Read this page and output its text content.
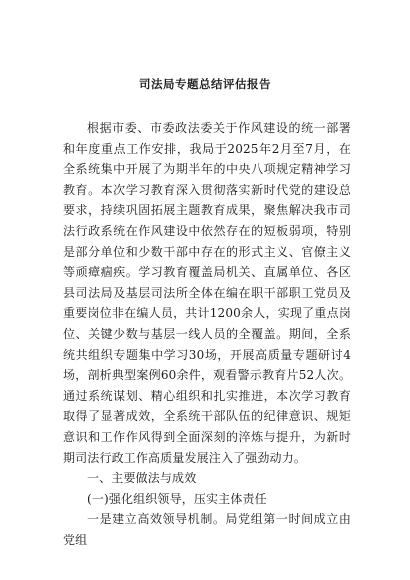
司法局专题总结评估报告

根据市委、市委政法委关于作风建设的统一部署和年度重点工作安排，我局于2025年2月至7月，在全系统集中开展了为期半年的中央八项规定精神学习教育。本次学习教育深入贯彻落实新时代党的建设总要求，持续巩固拓展主题教育成果，聚焦解决我市司法行政系统在作风建设中依然存在的短板弱项，特别是部分单位和少数干部中存在的形式主义、官僚主义等顽瘴痼疾。学习教育覆盖局机关、直属单位、各区县司法局及基层司法所全体在编在职干部职工党员及重要岗位非在编人员，共计1200余人，实现了重点岗位、关键少数与基层一线人员的全覆盖。期间，全系统共组织专题集中学习30场，开展高质量专题研讨4场，剖析典型案例60余件，观看警示教育片52人次。通过系统谋划、精心组织和扎实推进，本次学习教育取得了显著成效，全系统干部队伍的纪律意识、规矩意识和工作作风得到全面深刻的淬炼与提升，为新时期司法行政工作高质量发展注入了强劲动力。

一、主要做法与成效

(一)强化组织领导，压实主体责任

一是建立高效领导机制。局党组第一时间成立由党组
